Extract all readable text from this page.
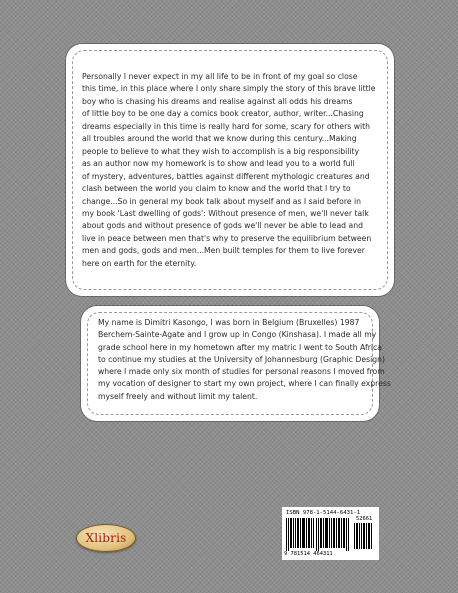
Personally I never expect in my all life to be in front of my goal so close
this time, in this place where I only share simply the story of this brave little
boy who is chasing his dreams and realise against all odds his dreams
of little boy to be one day a comics book creator, author, writer...Chasing
dreams especially in this time is really hard for some, scary for others with
all troubles around the world that we know during this century...Making
people to believe to what they wish to accomplish is a big responsibility
as an author now my homework is to show and lead you to a world full
of mystery, adventures, battles against different mythologic creatures and
clash between the world you claim to know and the world that I try to
change...So in general my book talk about myself and as I said before in
my book 'Last dwelling of gods': Without presence of men, we'll never talk
about gods and without presence of gods we'll never be able to lead and
live in peace between men that's why to preserve the equilibrium between
men and gods, gods and men...Men built temples for them to live forever
here on earth for the eternity.

My name is Dimitri Kasongo, I was born in Belgium (Bruxelles) 1987
Berchem-Sainte-Agate and I grow up in Congo (Kinshasa). I made all my
grade school here in my hometown after my matric I went to South Africa
to continue my studies at the University of Johannesburg (Graphic Design)
where I made only six month of studies for personal reasons I moved from
my vocation of designer to start my own project, where I can finally express
myself freely and without limit my talent.

Xlibris
ISBN 978-1-5144-6431-1
52661
9 781514 464311
